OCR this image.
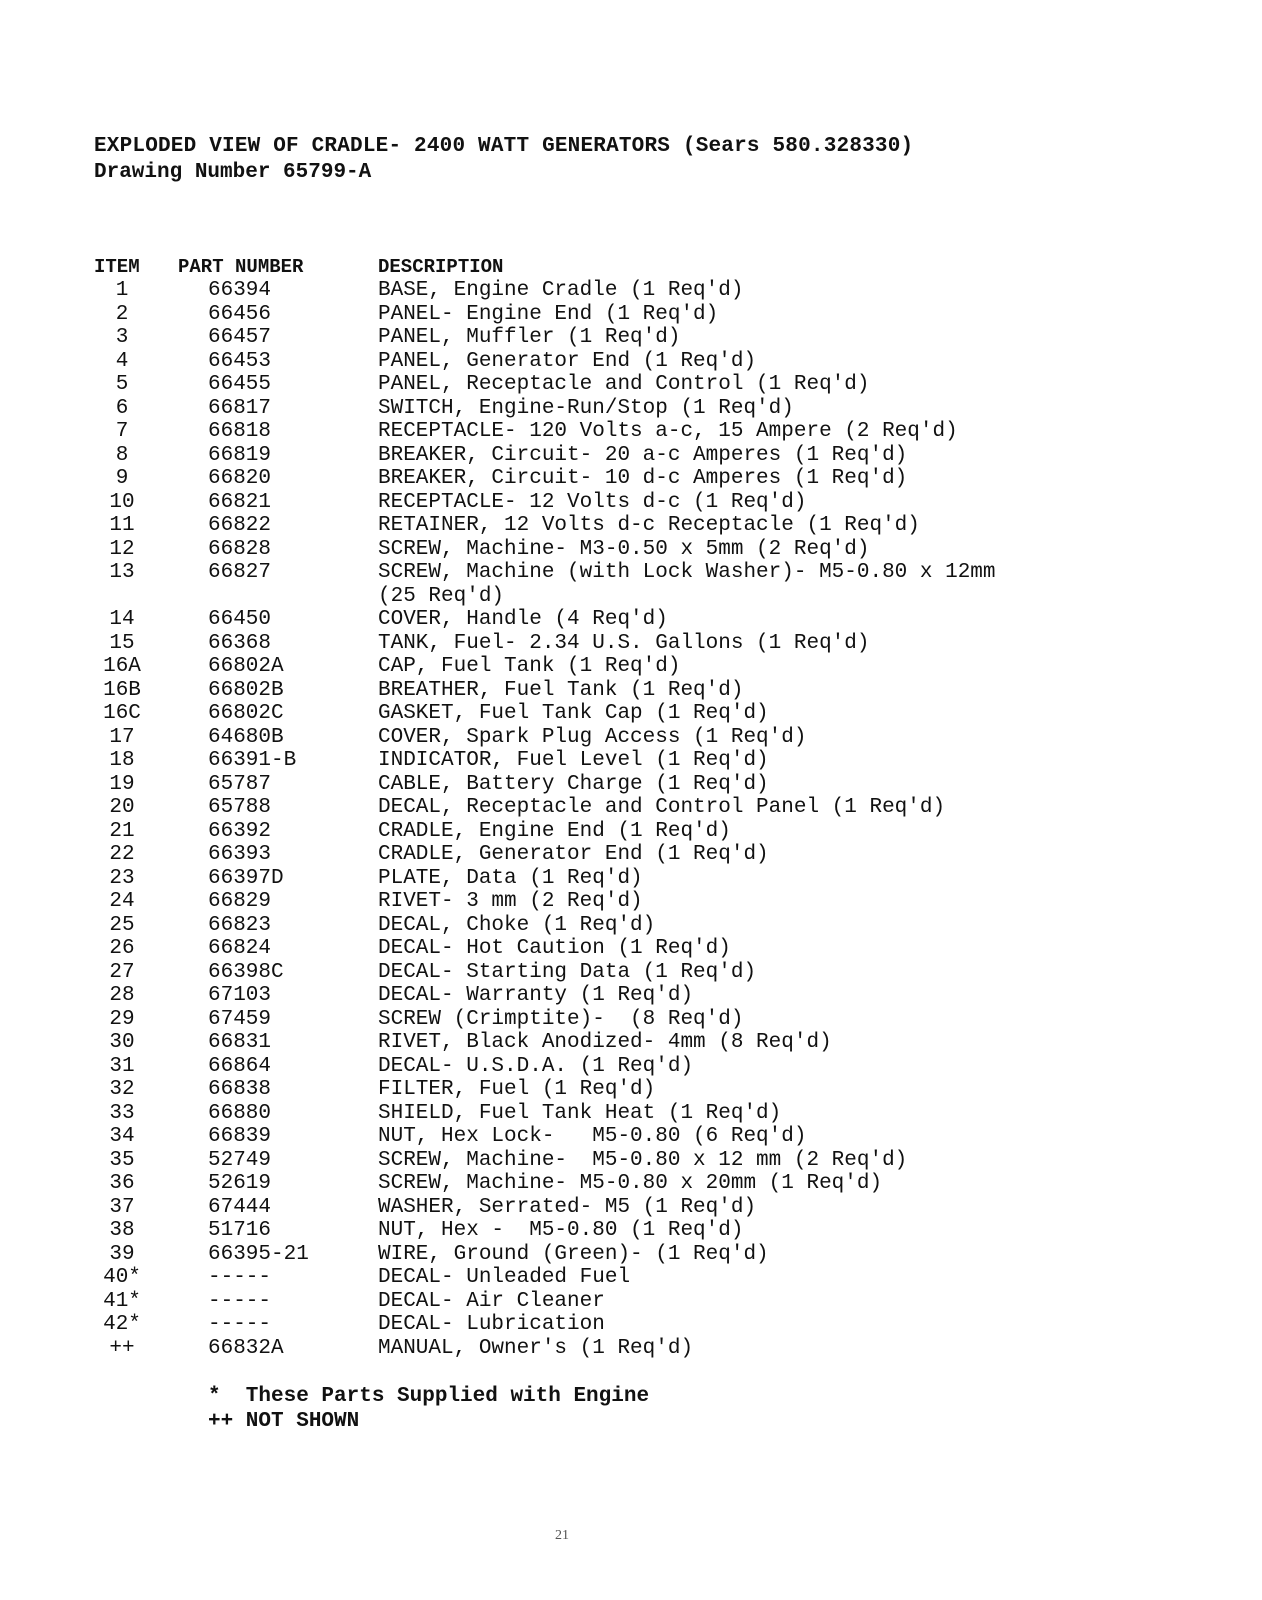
EXPLODED VIEW OF CRADLE- 2400 WATT GENERATORS (Sears 580.328330)
Drawing Number 65799-A
ITEM PART NUMBER	DESCRIPTION
1	66394	BASE, Engine Cradle (1 Req'd)
2	66456	PANEL- Engine End (1 Req'd)
3	66457	PANEL, Muffler (1 Req'd)
4	66453	PANEL, Generator End (1 Req'd)
5	66455	PANEL, Receptacle and Control (1 Req'd)
6	66817	SWITCH, Engine-Run/Stop (1 Req'd)
7	66818	RECEPTACLE- 120 Volts a-c, 15 Ampere (2 Req'd)
8	66819	BREAKER, Circuit- 20 a-c Amperes (1 Req'd)
9	66820	BREAKER, Circuit- 10 d-c Amperes (1 Req'd)
10	66821	RECEPTACLE- 12 Volts d-c (1 Req'd)
11	66822	RETAINER, 12 Volts d-c Receptacle (1 Req'd)
12	66828	SCREW, Machine- M3-0.50 x 5mm (2 Req'd)
13	66827	SCREW, Machine (with Lock Washer)- M5-0.80 x 12mm
(25 Req'd)
14	66450	COVER, Handle (4 Req'd)
15	66368	TANK, Fuel- 2.34 U.S. Gallons (1 Req'd)
16A	66802A	CAP, Fuel Tank (1 Req'd)
16B	66802B	BREATHER, Fuel Tank (1 Req'd)
16C	66802C	GASKET, Fuel Tank Cap (1 Req'd)
17	64680B	COVER, Spark Plug Access (1 Req'd)
18	66391-B	INDICATOR, Fuel Level (1 Req'd)
19	65787	CABLE, Battery Charge (1 Req'd)
20	65788	DECAL, Receptacle and Control Panel (1 Req'd)
21	66392	CRADLE, Engine End (1 Req'd)
22	66393	CRADLE, Generator End (1 Req'd)
23	66397D	PLATE, Data (1 Req'd)
24	66829	RIVET- 3 mm (2 Req'd)
25	66823	DECAL, Choke (1 Req'd)
26	66824	DECAL- Hot Caution (1 Req'd)
27	66398C	DECAL- Starting Data (1 Req'd)
28	67103	DECAL- Warranty (1 Req'd)
29	67459	SCREW (Crimptite)-  (8 Req'd)
30	66831	RIVET, Black Anodized- 4mm (8 Req'd)
31	66864	DECAL- U.S.D.A. (1 Req'd)
32	66838	FILTER, Fuel (1 Req'd)
33	66880	SHIELD, Fuel Tank Heat (1 Req'd)
34	66839	NUT, Hex Lock-   M5-0.80 (6 Req'd)
35	52749	SCREW, Machine-  M5-0.80 x 12 mm (2 Req'd)
36	52619	SCREW, Machine- M5-0.80 x 20mm (1 Req'd)
37	67444	WASHER, Serrated- M5 (1 Req'd)
38	51716	NUT, Hex -  M5-0.80 (1 Req'd)
39	66395-21	WIRE, Ground (Green)- (1 Req'd)
40*	-----	DECAL- Unleaded Fuel
41*	-----	DECAL- Air Cleaner
42*	-----	DECAL- Lubrication
++	66832A	MANUAL, Owner's (1 Req'd)
*  These Parts Supplied with Engine
++ NOT SHOWN
21
